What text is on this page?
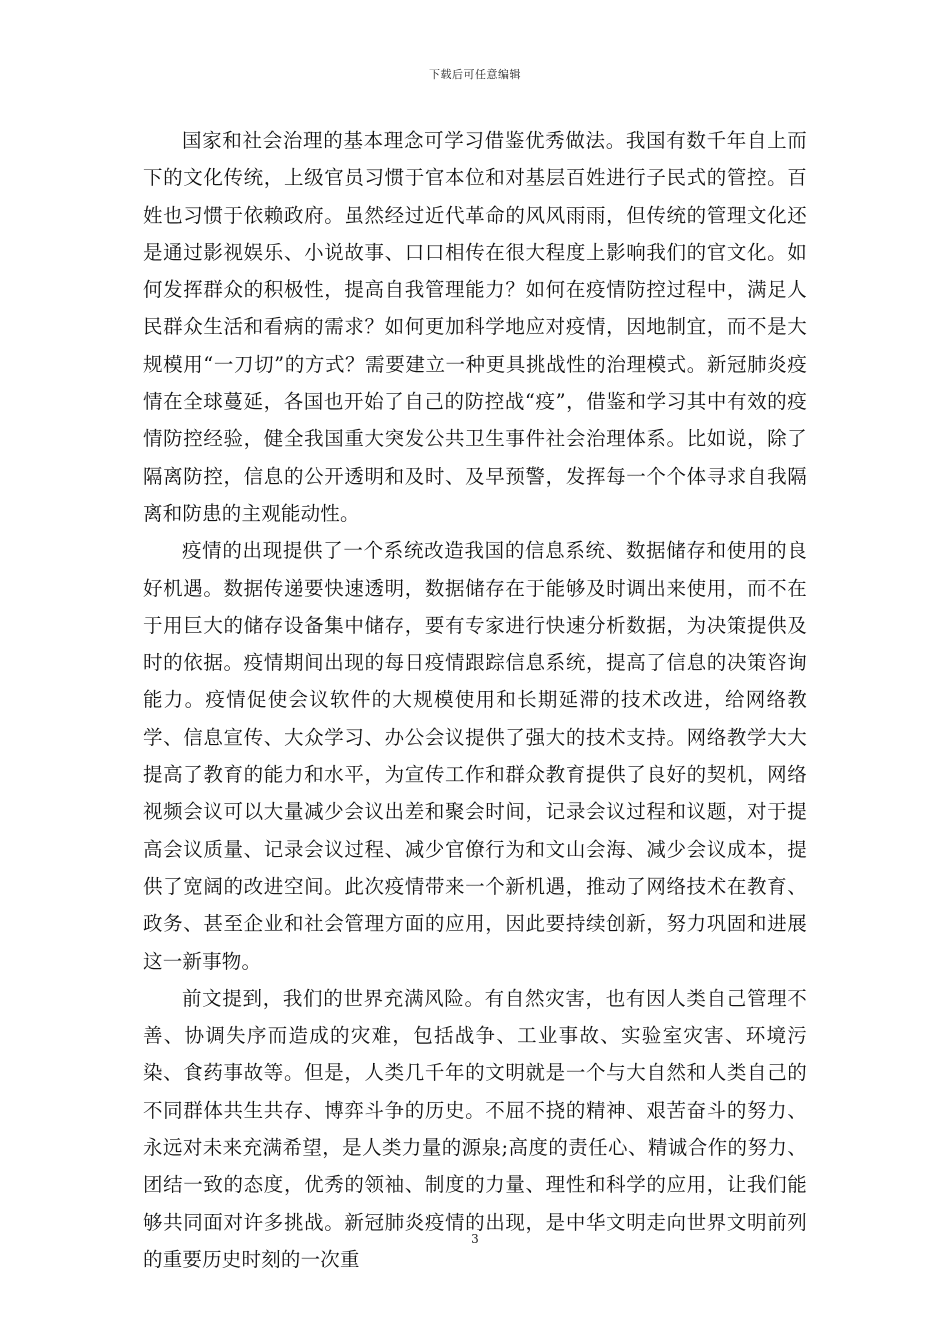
下载后可任意编辑

国家和社会治理的基本理念可学习借鉴优秀做法。我国有数千年自上而下的文化传统，上级官员习惯于官本位和对基层百姓进行子民式的管控。百姓也习惯于依赖政府。虽然经过近代革命的风风雨雨，但传统的管理文化还是通过影视娱乐、小说故事、口口相传在很大程度上影响我们的官文化。如何发挥群众的积极性，提高自我管理能力？如何在疫情防控过程中，满足人民群众生活和看病的需求？如何更加科学地应对疫情，因地制宜，而不是大规模用“一刀切”的方式？需要建立一种更具挑战性的治理模式。新冠肺炎疫情在全球蔓延，各国也开始了自己的防控战“疫”，借鉴和学习其中有效的疫情防控经验，健全我国重大突发公共卫生事件社会治理体系。比如说，除了隔离防控，信息的公开透明和及时、及早预警，发挥每一个个体寻求自我隔离和防患的主观能动性。

疫情的出现提供了一个系统改造我国的信息系统、数据储存和使用的良好机遇。数据传递要快速透明，数据储存在于能够及时调出来使用，而不在于用巨大的储存设备集中储存，要有专家进行快速分析数据，为决策提供及时的依据。疫情期间出现的每日疫情跟踪信息系统，提高了信息的决策咨询能力。疫情促使会议软件的大规模使用和长期延滞的技术改进，给网络教学、信息宣传、大众学习、办公会议提供了强大的技术支持。网络教学大大提高了教育的能力和水平，为宣传工作和群众教育提供了良好的契机，网络视频会议可以大量减少会议出差和聚会时间，记录会议过程和议题，对于提高会议质量、记录会议过程、减少官僚行为和文山会海、减少会议成本，提供了宽阔的改进空间。此次疫情带来一个新机遇，推动了网络技术在教育、政务、甚至企业和社会管理方面的应用，因此要持续创新，努力巩固和进展这一新事物。

前文提到，我们的世界充满风险。有自然灾害，也有因人类自己管理不善、协调失序而造成的灾难，包括战争、工业事故、实验室灾害、环境污染、食药事故等。但是，人类几千年的文明就是一个与大自然和人类自己的不同群体共生共存、博弈斗争的历史。不屈不挠的精神、艰苦奋斗的努力、永远对未来充满希望，是人类力量的源泉;高度的责任心、精诚合作的努力、团结一致的态度，优秀的领袖、制度的力量、理性和科学的应用，让我们能够共同面对许多挑战。新冠肺炎疫情的出现，是中华文明走向世界文明前列的重要历史时刻的一次重

3
